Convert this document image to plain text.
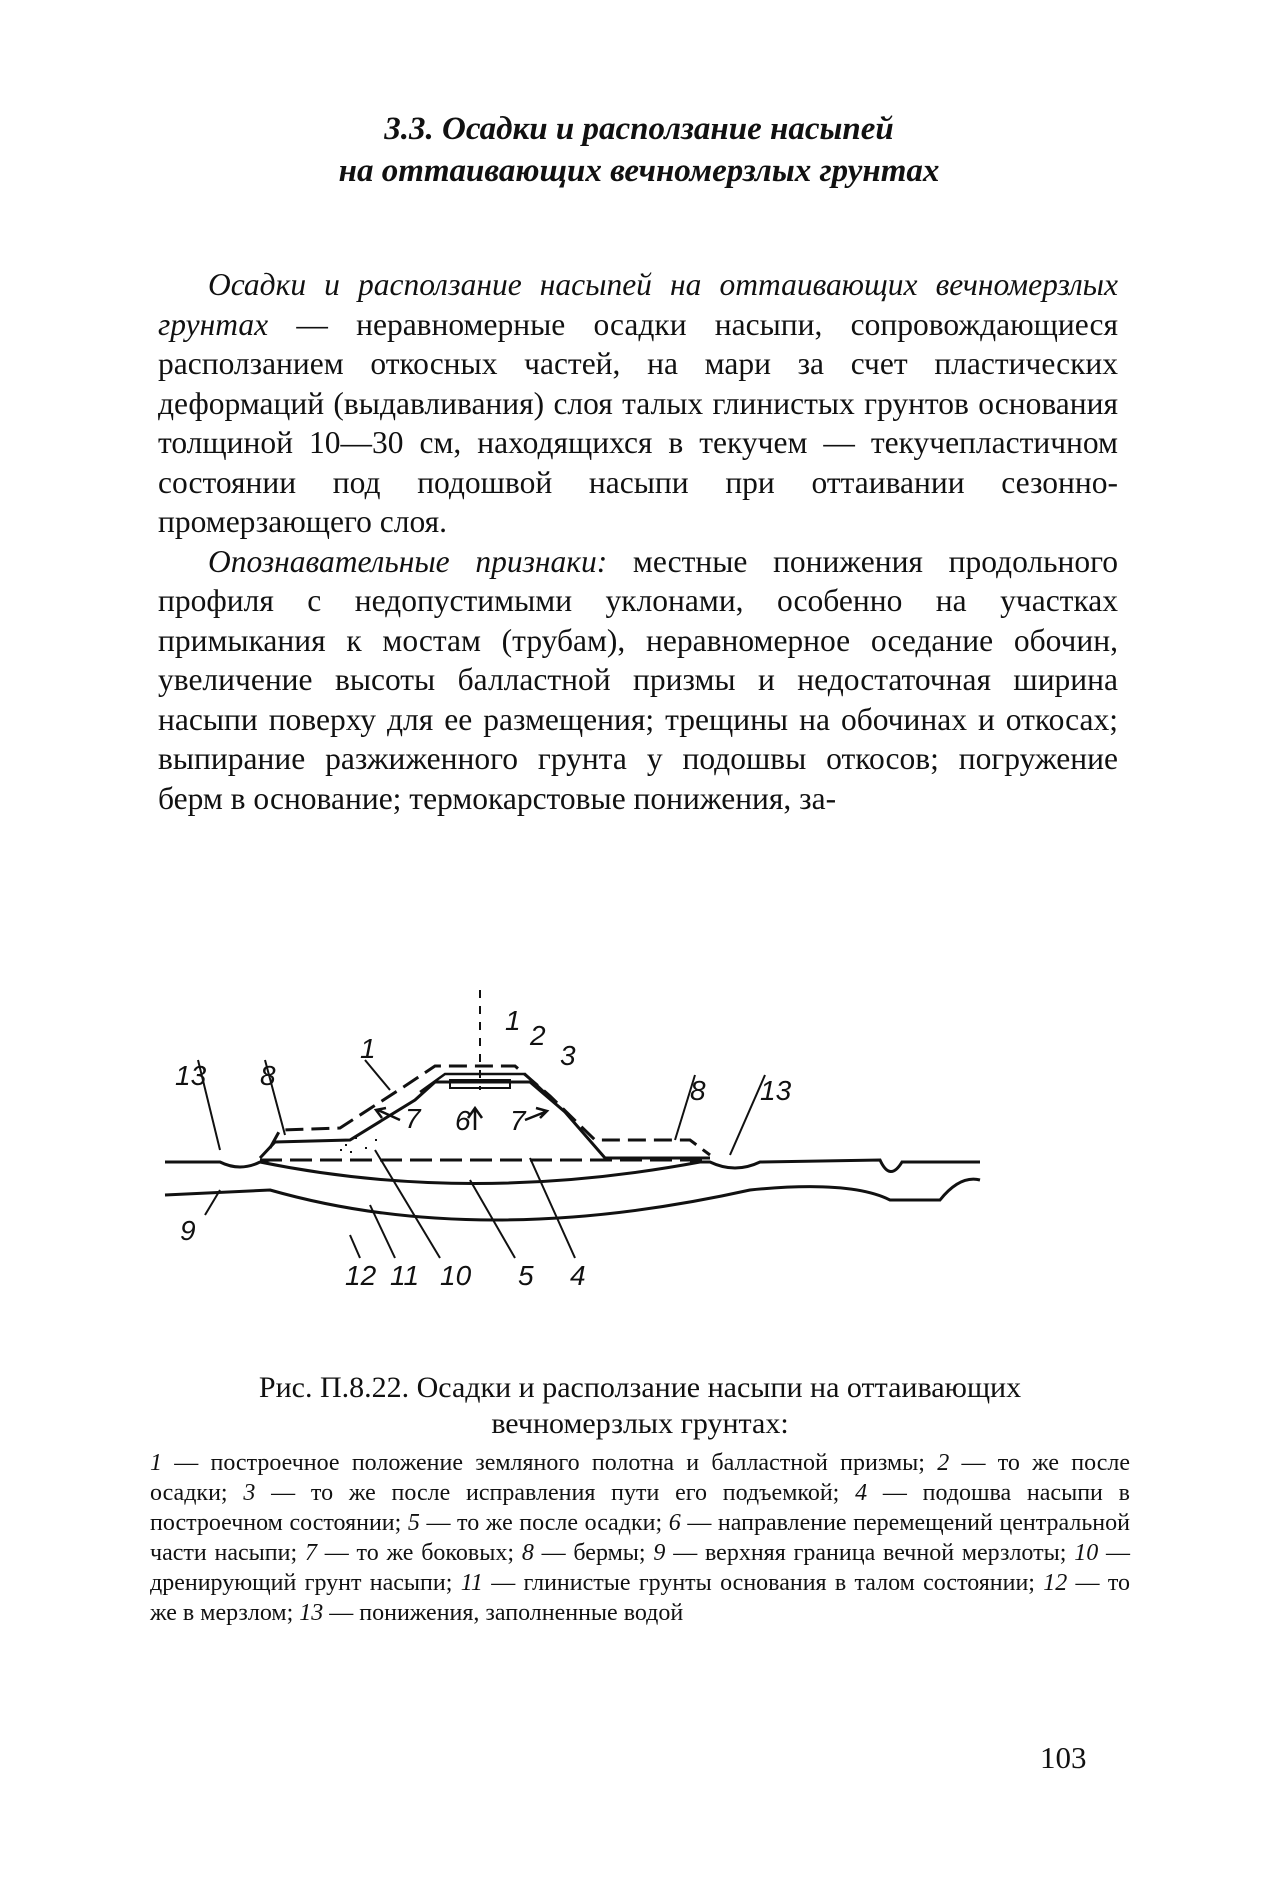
3.3. Осадки и расползание насыпей
на оттаивающих вечномерзлых грунтах

Осадки и расползание насыпей на оттаивающих вечномерзлых грунтах — неравномерные осадки насыпи, сопровождающиеся расползанием откосных частей, на мари за счет пластических деформаций (выдавливания) слоя талых глинистых грунтов основания толщиной 10—30 см, находящихся в текучем — текучепластичном состоянии под подошвой насыпи при оттаивании сезонно-промерзающего слоя.

Опознавательные признаки: местные понижения продольного профиля с недопустимыми уклонами, особенно на участках примыкания к мостам (трубам), неравномерное оседание обочин, увеличение высоты балластной призмы и недостаточная ширина насыпи поверху для ее размещения; трещины на обочинах и откосах; выпирание разжиженного грунта у подошвы откосов; погружение берм в основание; термокарстовые понижения, за-

1
1	2
3
13 8	8 13
7 6 7
9
12 11 10 5 4
Рис. П.8.22. Осадки и расползание насыпи на оттаивающих
вечномерзлых грунтах:
1 — построечное положение земляного полотна и балластной призмы; 2 — то же после осадки; 3 — то же после исправления пути его подъемкой; 4 — подошва насыпи в построечном состоянии; 5 — то же после осадки; 6 — направление перемещений центральной части насыпи; 7 — то же боковых; 8 — бермы; 9 — верхняя граница вечной мерзлоты; 10 — дренирующий грунт насыпи; 11 — глинистые грунты основания в талом состоянии; 12 — то же в мерзлом; 13 — понижения, заполненные водой
103
